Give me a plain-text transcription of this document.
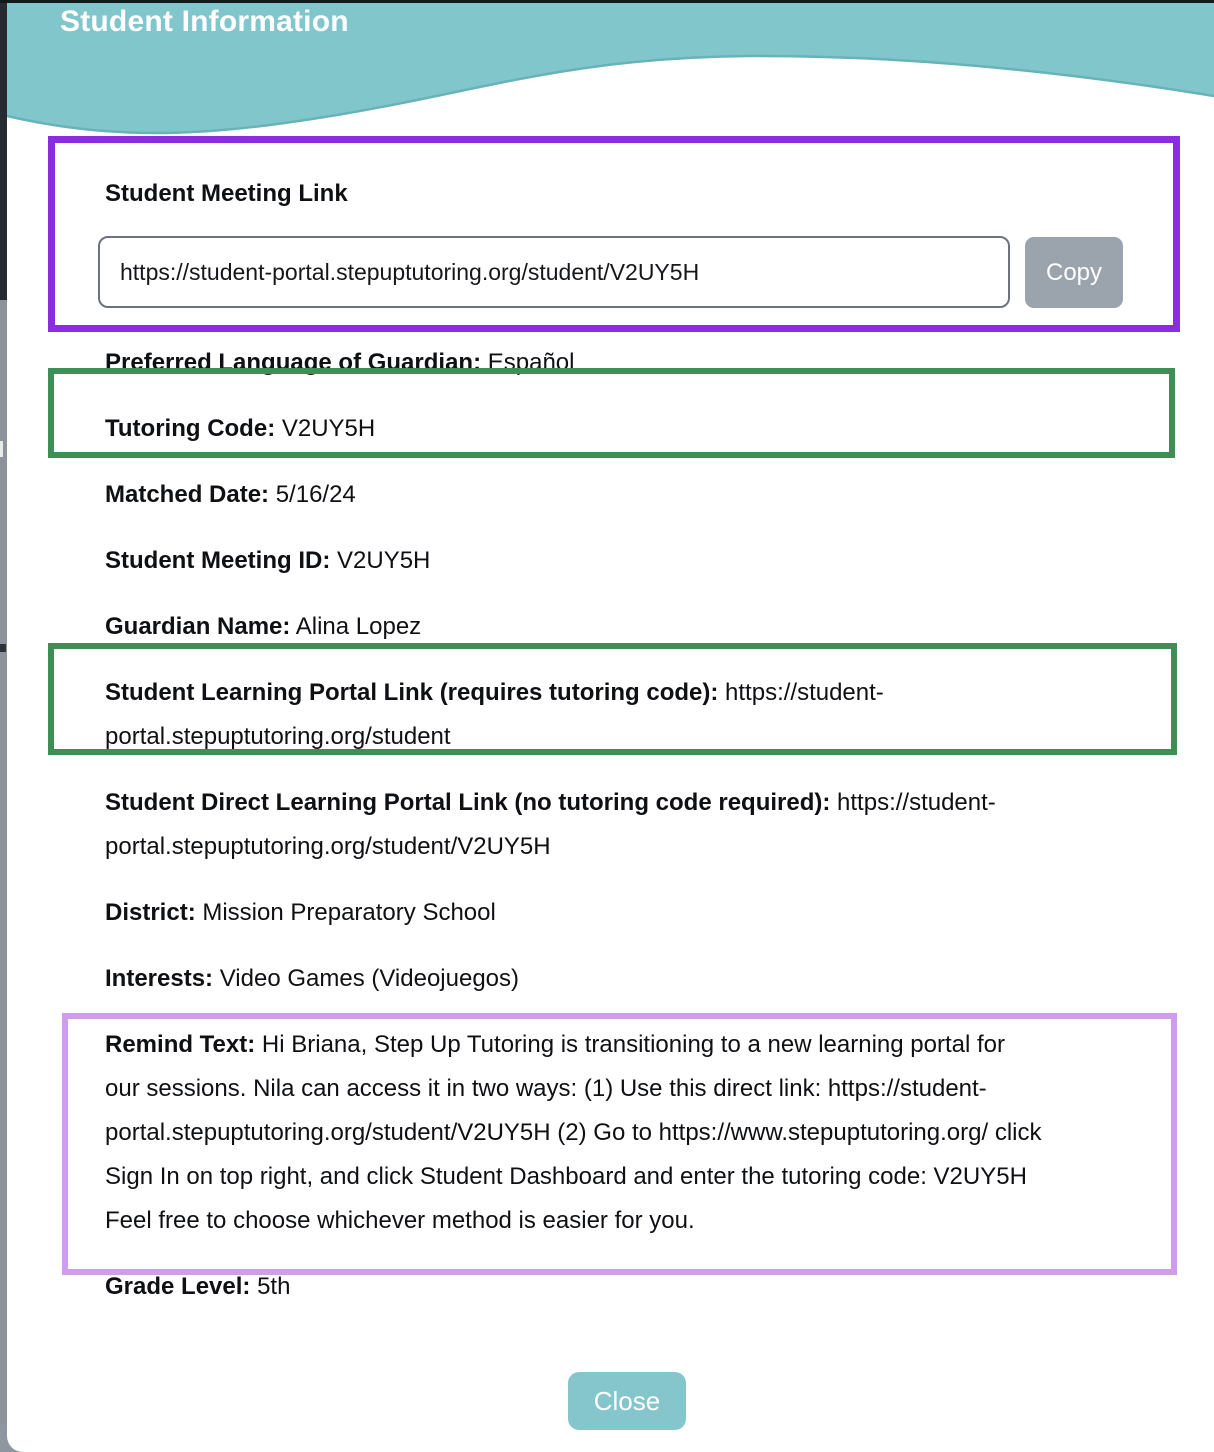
Student Information
Student Meeting Link
https://student-portal.stepuptutoring.org/student/V2UY5H
Copy

Preferred Language of Guardian: Español

Tutoring Code: V2UY5H

Matched Date: 5/16/24

Student Meeting ID: V2UY5H

Guardian Name: Alina Lopez

Student Learning Portal Link (requires tutoring code): https://student-portal.stepuptutoring.org/student

Student Direct Learning Portal Link (no tutoring code required): https://​student-portal.stepuptutoring.org/student/V2UY5H

District: Mission Preparatory School

Interests: Video Games (Videojuegos)

Remind Text: Hi Briana, Step Up Tutoring is transitioning to a new learning portal for our sessions. Nila can access it in two ways: (1) Use this direct link: https://student-portal.stepuptutoring.org/student/V2UY5H (2) Go to https://​www.stepuptutoring.org/ click Sign In on top right, and click Student Dashboard and enter the tutoring code: V2UY5H Feel free to choose whichever method is easier for you.

Grade Level: 5th

Close
